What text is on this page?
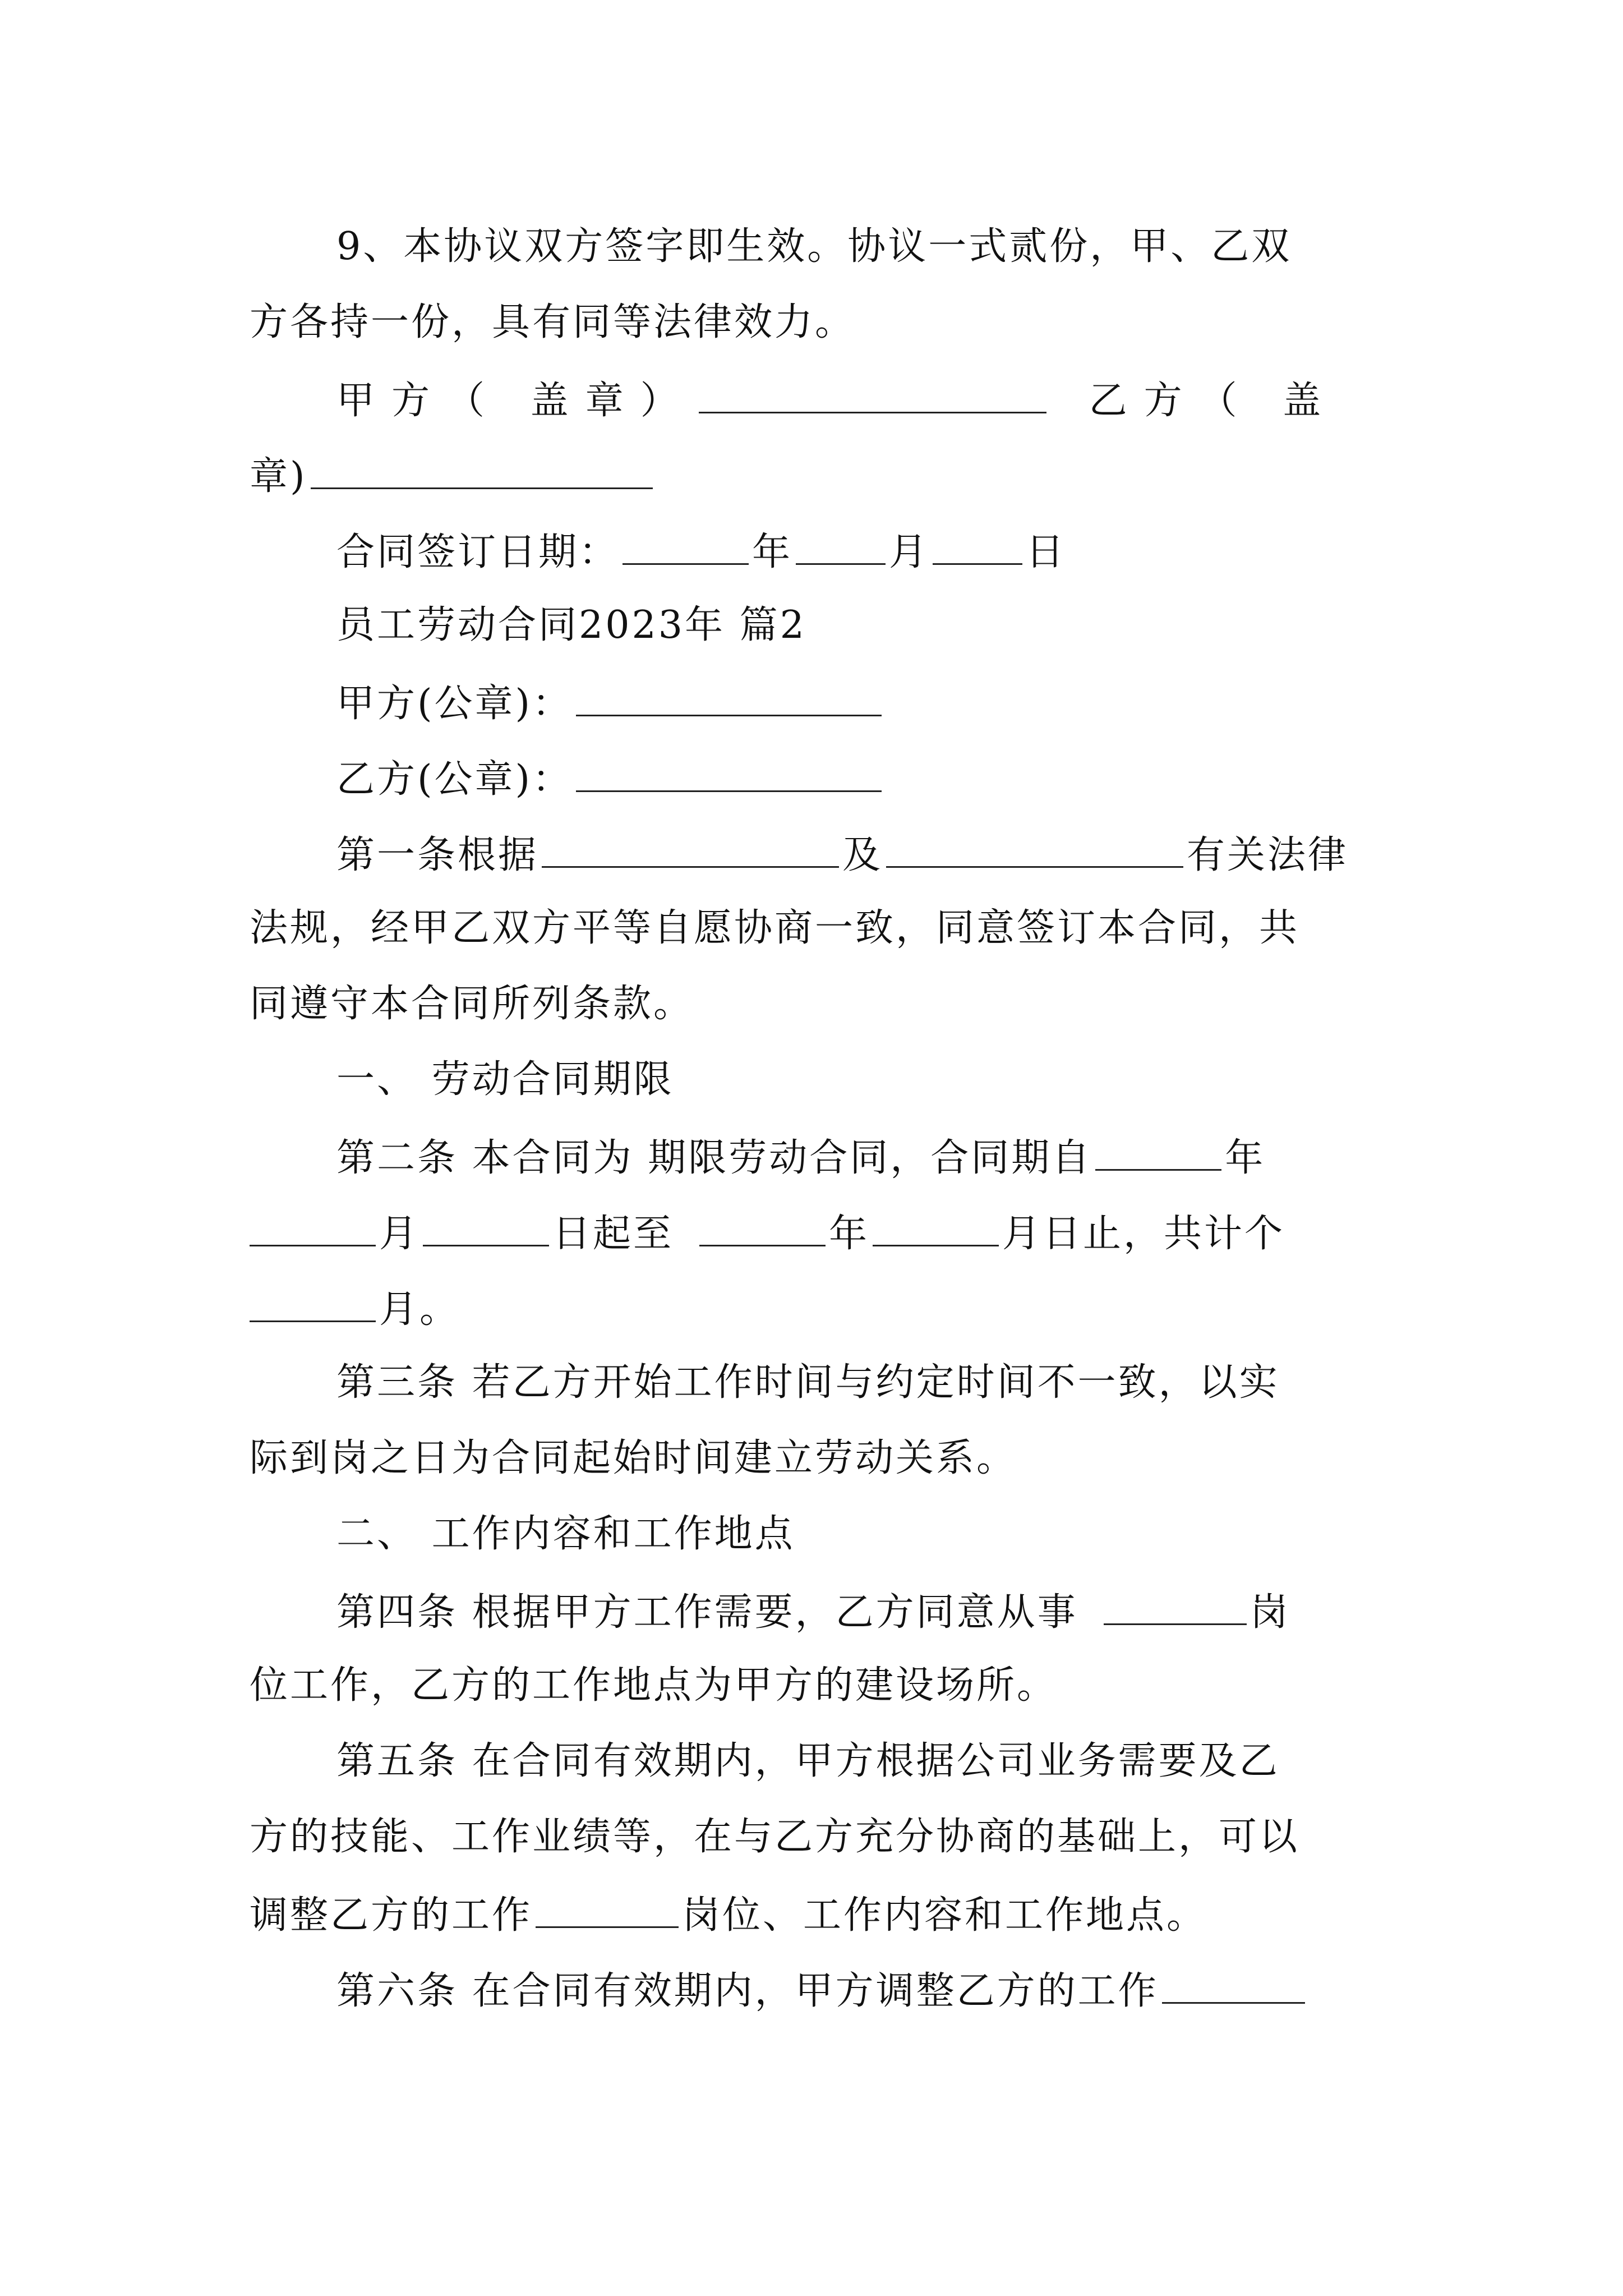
9、本协议双方签字即生效。协议一式贰份，甲、乙双
方各持一份，具有同等法律效力。
甲方（ 盖章）	乙方（ 盖
章)
合同签订日期：	年	月	日
员工劳动合同2023年 篇2
甲方(公章)：
乙方(公章)：
第一条根据	及	有关法律
法规，经甲乙双方平等自愿协商一致，同意签订本合同，共
同遵守本合同所列条款。
一、 劳动合同期限
第二条 本合同为 期限劳动合同，合同期自	年
月	日起至	年	月日止，共计个
月。
第三条 若乙方开始工作时间与约定时间不一致，以实
际到岗之日为合同起始时间建立劳动关系。
二、 工作内容和工作地点
第四条 根据甲方工作需要，乙方同意从事	岗
位工作，乙方的工作地点为甲方的建设场所。
第五条 在合同有效期内，甲方根据公司业务需要及乙
方的技能、工作业绩等，在与乙方充分协商的基础上，可以
调整乙方的工作	岗位、工作内容和工作地点。
第六条 在合同有效期内，甲方调整乙方的工作
